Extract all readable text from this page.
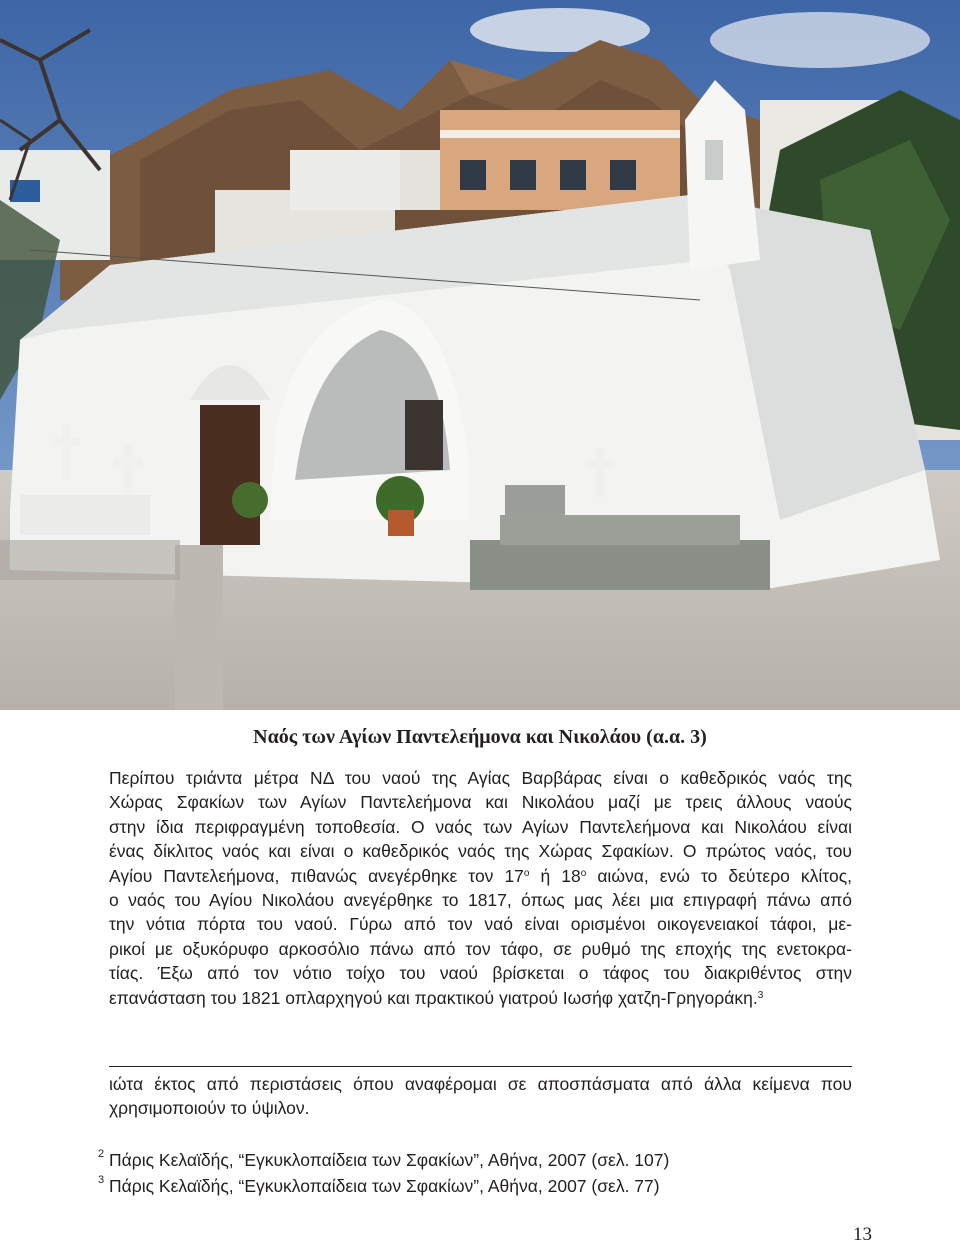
Ναός των Αγίων Παντελεήμονα και Νικολάου (α.α. 3)
Περίπου τριάντα μέτρα ΝΔ του ναού της Αγίας Βαρβάρας είναι ο καθεδρικός ναός της
Χώρας Σφακίων των Αγίων Παντελεήμονα και Νικολάου μαζί με τρεις άλλους ναούς
στην ίδια περιφραγμένη τοποθεσία. Ο ναός των Αγίων Παντελεήμονα και Νικολάου είναι
ένας δίκλιτος ναός και είναι ο καθεδρικός ναός της Χώρας Σφακίων. Ο πρώτος ναός, του
Αγίου Παντελεήμονα, πιθανώς ανεγέρθηκε τον $17^o$ ή $18^o$ αιώνα, ενώ το δεύτερο κλίτος,
ο ναός του Αγίου Νικολάου ανεγέρθηκε το 1817, όπως μας λέει μια επιγραφή πάνω από
την νότια πόρτα του ναού. Γύρω από τον ναό είναι ορισμένοι οικογενειακοί τάφοι, με-
ρικοί με οξυκόρυφο αρκοσόλιο πάνω από τον τάφο, σε ρυθμό της εποχής της ενετοκρα-
τίας. Έξω από τον νότιο τοίχο του ναού βρίσκεται ο τάφος του διακριθέντος στην
επανάσταση του 1821 οπλαρχηγού και πρακτικού γιατρού Ιωσήφ χατζη-Γρηγοράκη.$^3$
ιώτα έκτος από περιστάσεις όπου αναφέρομαι σε αποσπάσματα από άλλα κείμενα που
χρησιμοποιούν το ύψιλον.
$^2$ Πάρις Κελαϊδής, “Εγκυκλοπαίδεια των Σφακίων”, Αθήνα, 2007 (σελ. 107)
$^3$ Πάρις Κελαϊδής, “Εγκυκλοπαίδεια των Σφακίων”, Αθήνα, 2007 (σελ. 77)
13
